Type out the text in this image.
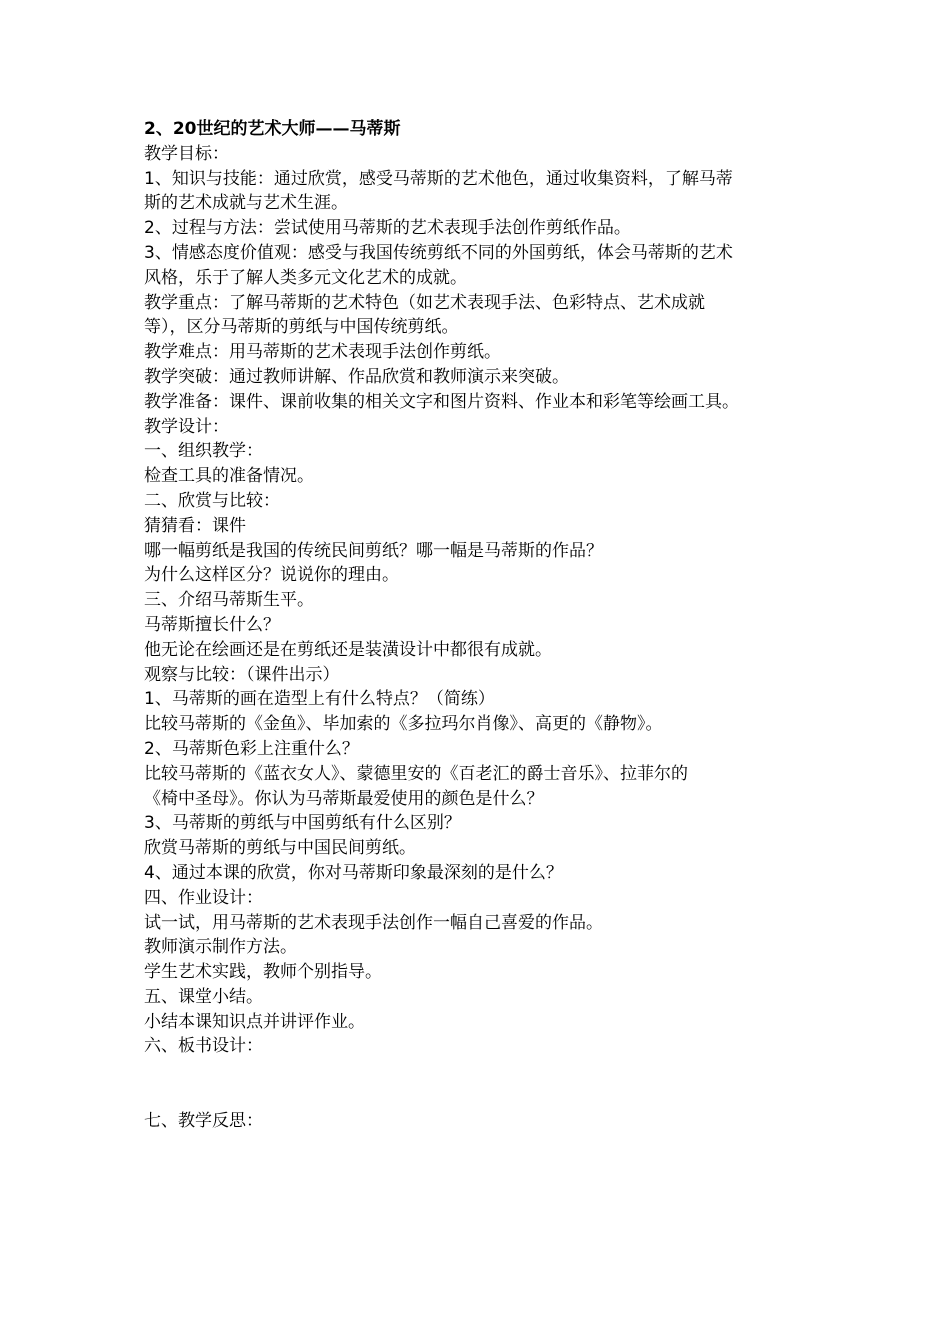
2、20世纪的艺术大师——马蒂斯
教学目标：
1、知识与技能：通过欣赏，感受马蒂斯的艺术他色，通过收集资料，了解马蒂
斯的艺术成就与艺术生涯。
2、过程与方法：尝试使用马蒂斯的艺术表现手法创作剪纸作品。
3、情感态度价值观：感受与我国传统剪纸不同的外国剪纸，体会马蒂斯的艺术
风格，乐于了解人类多元文化艺术的成就。
教学重点：了解马蒂斯的艺术特色（如艺术表现手法、色彩特点、艺术成就
等），区分马蒂斯的剪纸与中国传统剪纸。
教学难点：用马蒂斯的艺术表现手法创作剪纸。
教学突破：通过教师讲解、作品欣赏和教师演示来突破。
教学准备：课件、课前收集的相关文字和图片资料、作业本和彩笔等绘画工具。
教学设计：
一、组织教学：
检查工具的准备情况。
二、欣赏与比较：
猜猜看：课件
哪一幅剪纸是我国的传统民间剪纸？哪一幅是马蒂斯的作品？
为什么这样区分？说说你的理由。
三、介绍马蒂斯生平。
马蒂斯擅长什么？
他无论在绘画还是在剪纸还是装潢设计中都很有成就。
观察与比较：（课件出示）
1、马蒂斯的画在造型上有什么特点？（简练）
比较马蒂斯的《金鱼》、毕加索的《多拉玛尔肖像》、高更的《静物》。
2、马蒂斯色彩上注重什么？
比较马蒂斯的《蓝衣女人》、蒙德里安的《百老汇的爵士音乐》、拉菲尔的
《椅中圣母》。你认为马蒂斯最爱使用的颜色是什么？
3、马蒂斯的剪纸与中国剪纸有什么区别？
欣赏马蒂斯的剪纸与中国民间剪纸。
4、通过本课的欣赏，你对马蒂斯印象最深刻的是什么？
四、作业设计：
试一试，用马蒂斯的艺术表现手法创作一幅自己喜爱的作品。
教师演示制作方法。
学生艺术实践，教师个别指导。
五、课堂小结。
小结本课知识点并讲评作业。
六、板书设计：
七、教学反思：
